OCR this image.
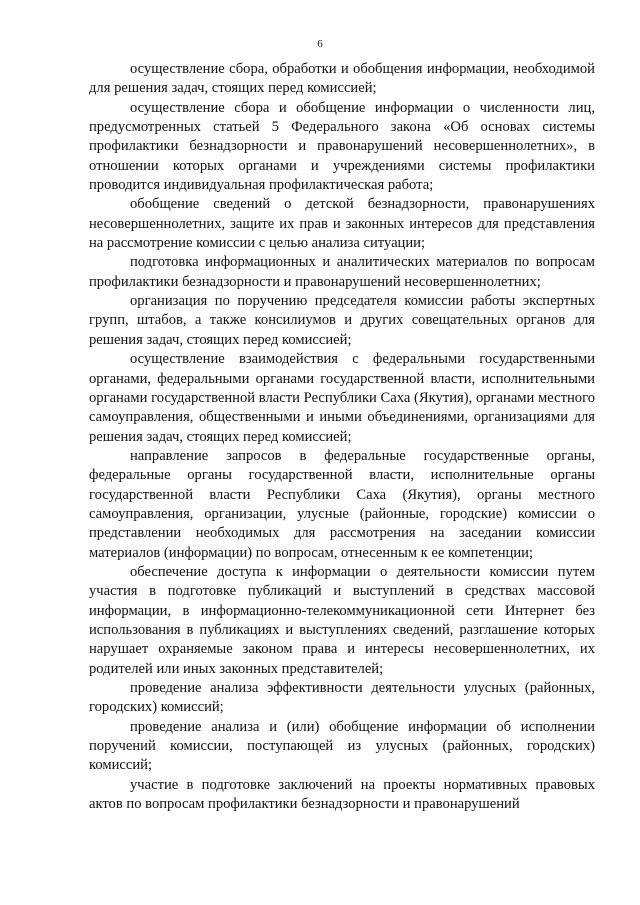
6

осуществление сбора, обработки и обобщения информации, необходимой для решения задач, стоящих перед комиссией;

осуществление сбора и обобщение информации о численности лиц, предусмотренных статьей 5 Федерального закона «Об основах системы профилактики безнадзорности и правонарушений несовершеннолетних», в отношении которых органами и учреждениями системы профилактики проводится индивидуальная профилактическая работа;

обобщение сведений о детской безнадзорности, правонарушениях несовершеннолетних, защите их прав и законных интересов для представления на рассмотрение комиссии с целью анализа ситуации;

подготовка информационных и аналитических материалов по вопросам профилактики безнадзорности и правонарушений несовершеннолетних;

организация по поручению председателя комиссии работы экспертных групп, штабов, а также консилиумов и других совещательных органов для решения задач, стоящих перед комиссией;

осуществление взаимодействия с федеральными государственными органами, федеральными органами государственной власти, исполнительными органами государственной власти Республики Саха (Якутия), органами местного самоуправления, общественными и иными объединениями, организациями для решения задач, стоящих перед комиссией;

направление запросов в федеральные государственные органы, федеральные органы государственной власти, исполнительные органы государственной власти Республики Саха (Якутия), органы местного самоуправления, организации, улусные (районные, городские) комиссии о представлении необходимых для рассмотрения на заседании комиссии материалов (информации) по вопросам, отнесенным к ее компетенции;

обеспечение доступа к информации о деятельности комиссии путем участия в подготовке публикаций и выступлений в средствах массовой информации, в информационно-телекоммуникационной сети Интернет без использования в публикациях и выступлениях сведений, разглашение которых нарушает охраняемые законом права и интересы несовершеннолетних, их родителей или иных законных представителей;

проведение анализа эффективности деятельности улусных (районных, городских) комиссий;

проведение анализа и (или) обобщение информации об исполнении поручений комиссии, поступающей из улусных (районных, городских) комиссий;

участие в подготовке заключений на проекты нормативных правовых актов по вопросам профилактики безнадзорности и правонарушений
